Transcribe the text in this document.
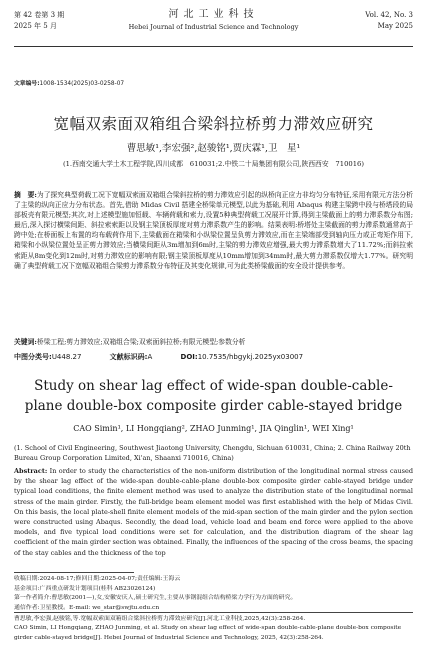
第 42 卷第 3 期
2025 年 5 月
河北工业科技
Hebei Journal of Industrial Science and Technology
Vol. 42, No. 3
May 2025
文章编号:1008-1534(2025)03-0258-07
宽幅双索面双箱组合梁斜拉桥剪力滞效应研究
曹思敏¹,李宏强²,赵骏铭¹,贾庆霖¹,卫　星¹
(1.西南交通大学土木工程学院,四川成都　610031;2.中铁二十局集团有限公司,陕西西安　710016)
摘　要:为了探究典型荷载工况下宽幅双索面双箱组合梁斜拉桥的剪力滞效应引起的纵桥向正应力非均匀分布特征,采用有限元方法分析了主梁的纵向正应力分布状态。首先,借助 Midas Civil 搭建全桥梁单元模型,以此为基础,利用 Abaqus 构建主梁跨中段与桥塔段的局部板壳有限元模型;其次,对上述模型施加恒载、车辆荷载和索力,设置5种典型荷载工况展开计算,得到主梁截面上的剪力滞系数分布图;最后,深入探讨横梁间距、斜拉索索距以及钢主梁顶板厚度对剪力滞系数产生的影响。结果表明:桥塔处主梁截面的剪力滞系数通常高于跨中处;在桥面板上布置的均布载荷作用下,主梁截面在箱梁和小纵梁位置呈负剪力滞效应,而在主梁端部受到轴向压力或正弯矩作用下,箱梁和小纵梁位置处呈正剪力滞效应;当横梁间距从3m增加到6m时,主梁的剪力滞效应增强,最大剪力滞系数增大了11.72%;而斜拉索索距从8m变化到12m时,对剪力滞效应的影响有限;钢主梁顶板厚度从10mm增加到34mm时,最大剪力滞系数仅增大1.77%。研究明确了典型荷载工况下宽幅双箱组合梁剪力滞系数分布特征及其变化规律,可为此类桥梁截面的安全设计提供参考。
关键词:桥梁工程;剪力滞效应;双箱组合梁;双索面斜拉桥;有限元模型;参数分析
中图分类号:U448.27	文献标识码:A	DOI:10.7535/hbgykj.2025yx03007
Study on shear lag effect of wide-span double-cable-plane double-box composite girder cable-stayed bridge
CAO Simin¹, LI Hongqiang², ZHAO Junming¹, JIA Qinglin¹, WEI Xing¹
(1. School of Civil Engineering, Southwest Jiaotong University, Chengdu, Sichuan 610031, China; 2. China Railway 20th Bureau Group Corporation Limited, Xi'an, Shaanxi 710016, China)
Abstract: In order to study the characteristics of the non-uniform distribution of the longitudinal normal stress caused by the shear lag effect of the wide-span double-cable-plane double-box composite girder cable-stayed bridge under typical load conditions, the finite element method was used to analyze the distribution state of the longitudinal normal stress of the main girder. Firstly, the full-bridge beam element model was first established with the help of Midas Civil. On this basis, the local plate-shell finite element models of the mid-span section of the main girder and the pylon section were constructed using Abaqus. Secondly, the dead load, vehicle load and beam end force were applied to the above models, and five typical load conditions were set for calculation, and the distribution diagram of the shear lag coefficient of the main girder section was obtained. Finally, the influences of the spacing of the cross beams, the spacing of the stay cables and the thickness of the top
收稿日期:2024-08-17;修回日期:2025-04-07;责任编辑:王海云
基金项目:广西重点研发计划项目(桂科 AB23026124)
第一作者简介:曹思敏(2001—),女,安徽安庆人,硕士研究生,主要从事钢混组合结构桥梁力学行为方面的研究。
通信作者:卫星教授。E-mail: we_star@swjtu.edu.cn
曹思敏,李宏强,赵骏铭,等.宽幅双索面双箱组合梁斜拉桥剪力滞效应研究[J].河北工业科技,2025,42(3):258-264.
CAO Simin, LI Hongqiang, ZHAO Junming, et al. Study on shear lag effect of wide-span double-cable-plane double-box composite girder cable-stayed bridge[J]. Hebei Journal of Industrial Science and Technology, 2025, 42(3):258-264.
